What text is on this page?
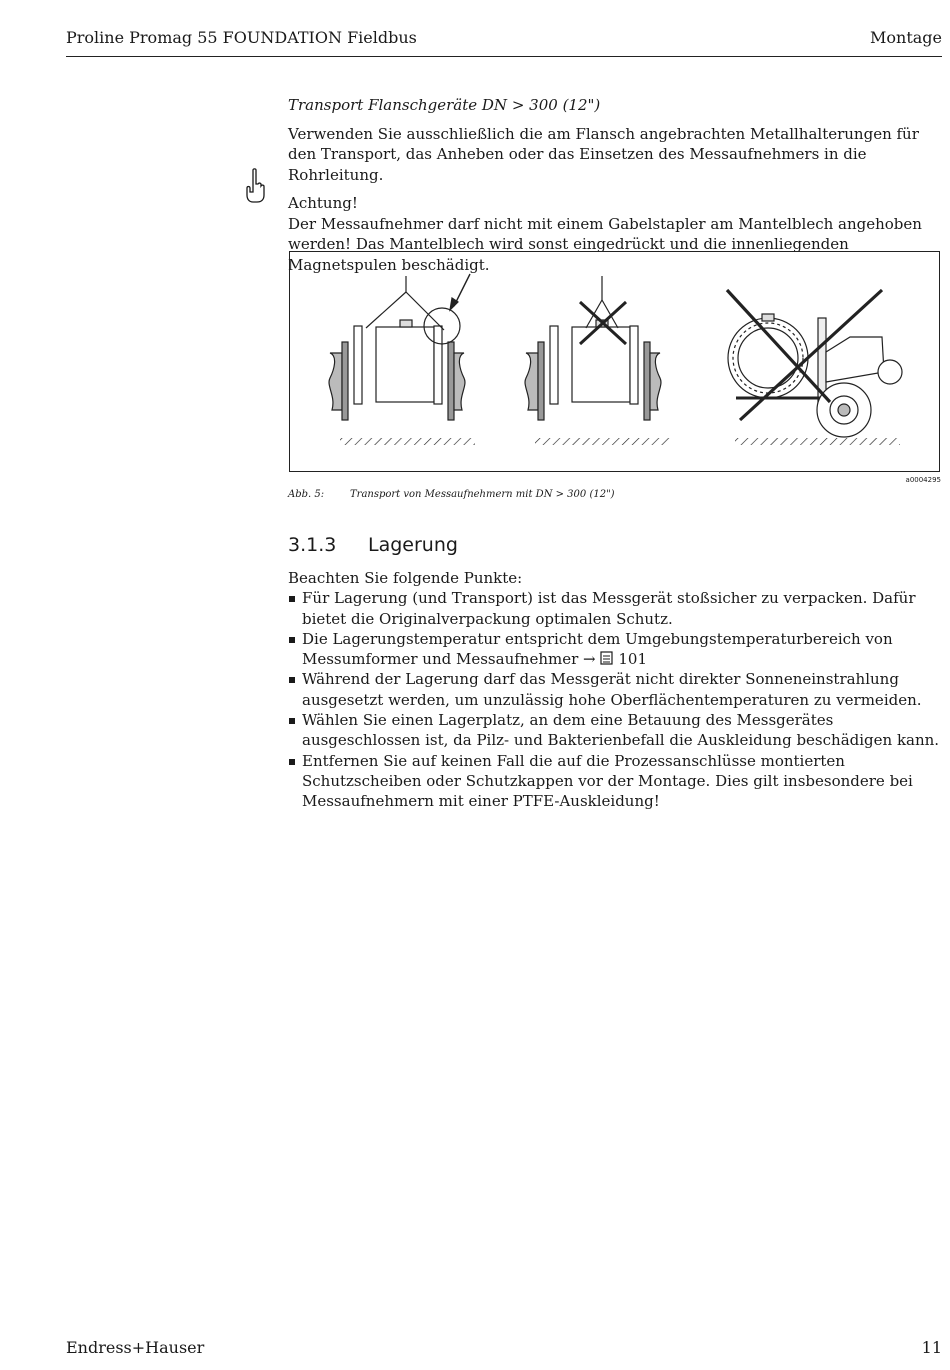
Proline Promag 55 FOUNDATION Fieldbus	Montage

Transport Flanschgeräte DN > 300 (12")

Verwenden Sie ausschließlich die am Flansch angebrachten Metallhalterungen für den Transport, das Anheben oder das Einsetzen des Messaufnehmers in die Rohrleitung.

Achtung!
Der Messaufnehmer darf nicht mit einem Gabelstapler am Mantelblech angehoben werden! Das Mantelblech wird sonst eingedrückt und die innenliegenden Magnetspulen beschädigt.
a0004295
Abb. 5:	Transport von Messaufnehmern mit DN > 300 (12")
3.1.3 Lagerung
Beachten Sie folgende Punkte:
Für Lagerung (und Transport) ist das Messgerät stoßsicher zu verpacken. Dafür bietet die Originalverpackung optimalen Schutz.
Die Lagerungstemperatur entspricht dem Umgebungstemperaturbereich von Messumformer und Messaufnehmer → 101
Während der Lagerung darf das Messgerät nicht direkter Sonneneinstrahlung ausgesetzt werden, um unzulässig hohe Oberflächentemperaturen zu vermeiden.
Wählen Sie einen Lagerplatz, an dem eine Betauung des Messgerätes ausgeschlossen ist, da Pilz- und Bakterienbefall die Auskleidung beschädigen kann.
Entfernen Sie auf keinen Fall die auf die Prozessanschlüsse montierten Schutzscheiben oder Schutzkappen vor der Montage. Dies gilt insbesondere bei Messaufnehmern mit einer PTFE-Auskleidung!
Endress+Hauser	11
